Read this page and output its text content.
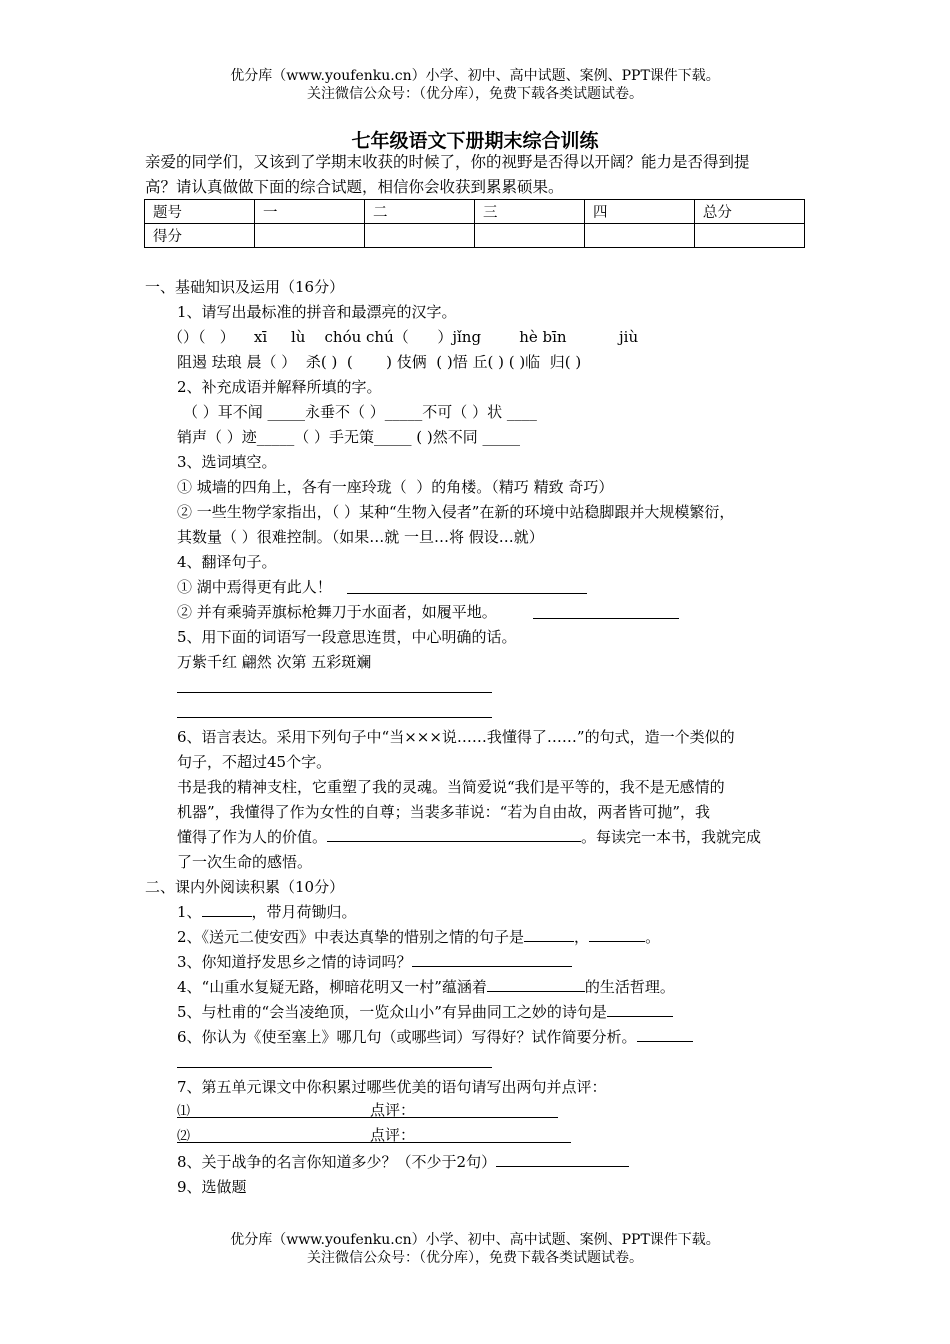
优分库（www.youfenku.cn）小学、初中、高中试题、案例、PPT课件下载。
关注微信公众号：（优分库），免费下载各类试题试卷。
七年级语文下册期末综合训练
亲爱的同学们，又该到了学期末收获的时候了，你的视野是否得以开阔？能力是否得到提
高？请认真做做下面的综合试题，相信你会收获到累累硕果。
题号	一	二	三	四	总分
得分					
一、基础知识及运用（16分）
1、请写出最标准的拼音和最漂亮的汉字。
（）（   ）    xī     lù    chóu chú（      ）jǐng        hè bīn           jiù
阻遏 珐琅 晨（ ）  杀( )  (       ) 伎俩  ( )悟 丘( ) ( )临  归( )
2、补充成语并解释所填的字。
（ ）耳不闻 _____永垂不（ ）_____不可（ ）状 ____
销声（ ）迹_____（ ）手无策_____ ( )然不同 _____
3、选词填空。
① 城墙的四角上，各有一座玲珑（  ）的角楼。（精巧 精致 奇巧）
② 一些生物学家指出，（ ）某种“生物入侵者”在新的环境中站稳脚跟并大规模繁衍，
其数量（ ）很难控制。（如果…就 一旦…将 假设…就）
4、翻译句子。
① 湖中焉得更有此人！
② 并有乘骑弄旗标枪舞刀于水面者，如履平地。
5、用下面的词语写一段意思连贯，中心明确的话。
万紫千红 翩然 次第 五彩斑斓
6、语言表达。采用下列句子中“当×××说……我懂得了……”的句式，造一个类似的
句子，不超过45个字。
书是我的精神支柱，它重塑了我的灵魂。当简爱说“我们是平等的，我不是无感情的
机器”，我懂得了作为女性的自尊；当裴多菲说：“若为自由故，两者皆可抛”，我
懂得了作为人的价值。	。每读完一本书，我就完成
了一次生命的感悟。
二、课内外阅读积累（10分）
1、	，带月荷锄归。
2、《送元二使安西》中表达真挚的惜别之情的句子是	，	。
3、你知道抒发思乡之情的诗词吗？
4、“山重水复疑无路，柳暗花明又一村”蕴涵着	的生活哲理。
5、与杜甫的“会当凌绝顶，一览众山小”有异曲同工之妙的诗句是
6、你认为《使至塞上》哪几句（或哪些词）写得好？试作简要分析。
7、第五单元课文中你积累过哪些优美的语句请写出两句并点评：
⑴	点评：
⑵	点评：
8、关于战争的名言你知道多少？（不少于2句）
9、选做题
优分库（www.youfenku.cn）小学、初中、高中试题、案例、PPT课件下载。
关注微信公众号：（优分库），免费下载各类试题试卷。
